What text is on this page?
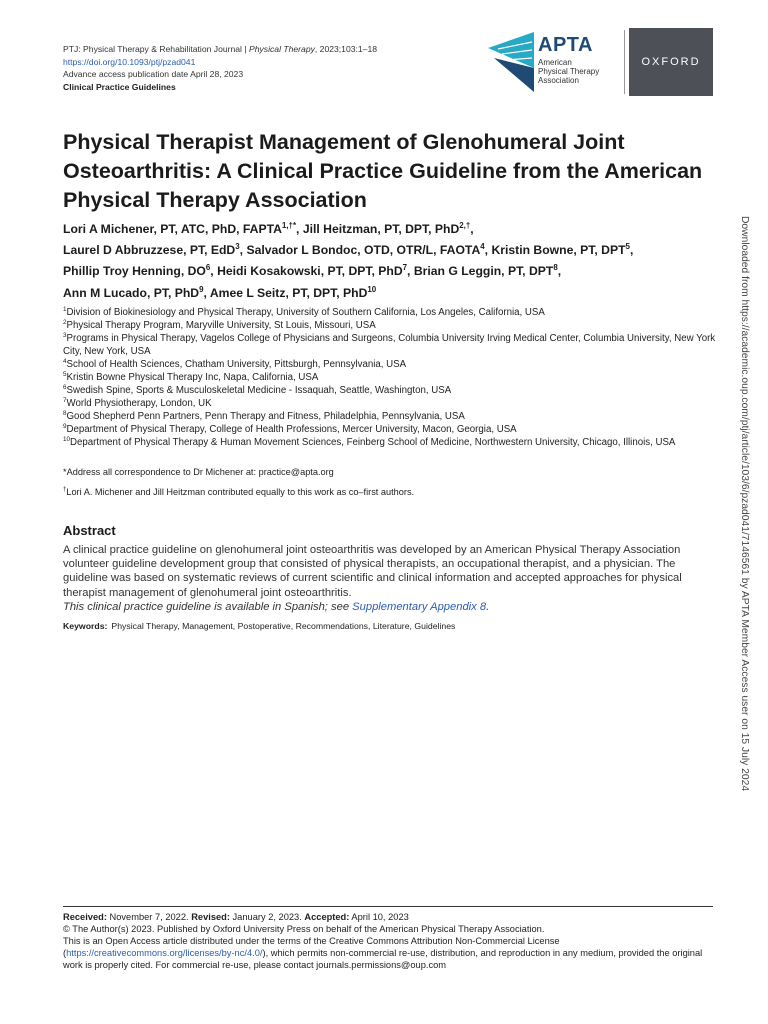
PTJ: Physical Therapy & Rehabilitation Journal | Physical Therapy, 2023;103:1–18
https://doi.org/10.1093/ptj/pzad041
Advance access publication date April 28, 2023
Clinical Practice Guidelines
APTA
American
Physical Therapy
Association
OXFORD
Physical Therapist Management of Glenohumeral Joint Osteoarthritis: A Clinical Practice Guideline from the American Physical Therapy Association
Lori A Michener, PT, ATC, PhD, $FAPTA^{1,\dagger*}$, Jill Heitzman, PT, DPT, PhD$^{2,\dagger}$,
Laurel D Abbruzzese, PT, EdD$^3$, Salvador L Bondoc, OTD, OTR/L, FAOTA$^4$, Kristin Bowne, PT, DPT$^5$,
Phillip Troy Henning, $DO^6$, Heidi Kosakowski, PT, DPT, PhD$^7$, Brian G Leggin, PT, DPT$^8$,
Ann M Lucado, PT, PhD$^9$, Amee L Seitz, PT, DPT, PhD$^{10}$
$^1$Division of Biokinesiology and Physical Therapy, University of Southern California, Los Angeles, California, USA
$^2$Physical Therapy Program, Maryville University, St Louis, Missouri, USA
$^3$Programs in Physical Therapy, Vagelos College of Physicians and Surgeons, Columbia University Irving Medical Center, Columbia University, New York City, New York, USA
$^4$School of Health Sciences, Chatham University, Pittsburgh, Pennsylvania, USA
$^5$Kristin Bowne Physical Therapy Inc, Napa, California, USA
$^6$Swedish Spine, Sports & Musculoskeletal Medicine - Issaquah, Seattle, Washington, USA
$^7$World Physiotherapy, London, UK
$^8$Good Shepherd Penn Partners, Penn Therapy and Fitness, Philadelphia, Pennsylvania, USA
$^9$Department of Physical Therapy, College of Health Professions, Mercer University, Macon, Georgia, USA
$^{10}$Department of Physical Therapy & Human Movement Sciences, Feinberg School of Medicine, Northwestern University, Chicago, Illinois, USA
*Address all correspondence to Dr Michener at: practice@apta.org
†Lori A. Michener and Jill Heitzman contributed equally to this work as co–first authors.
Abstract
A clinical practice guideline on glenohumeral joint osteoarthritis was developed by an American Physical Therapy Association volunteer guideline development group that consisted of physical therapists, an occupational therapist, and a physician. The guideline was based on systematic reviews of current scientific and clinical information and accepted approaches for physical therapist management of glenohumeral joint osteoarthritis.
This clinical practice guideline is available in Spanish; see Supplementary Appendix 8.
Keywords: Physical Therapy, Management, Postoperative, Recommendations, Literature, Guidelines	Downloaded from https://academic.oup.com/ptj/article/103/6/pzad041/7146561 by APTA Member Access user on 15 July 2024
Received: November 7, 2022. Revised: January 2, 2023. Accepted: April 10, 2023
© The Author(s) 2023. Published by Oxford University Press on behalf of the American Physical Therapy Association.
This is an Open Access article distributed under the terms of the Creative Commons Attribution Non-Commercial License (https://creativecommons.org/licenses/by-nc/4.0/), which permits non-commercial re-use, distribution, and reproduction in any medium, provided the original work is properly cited. For commercial re-use, please contact journals.permissions@oup.com
